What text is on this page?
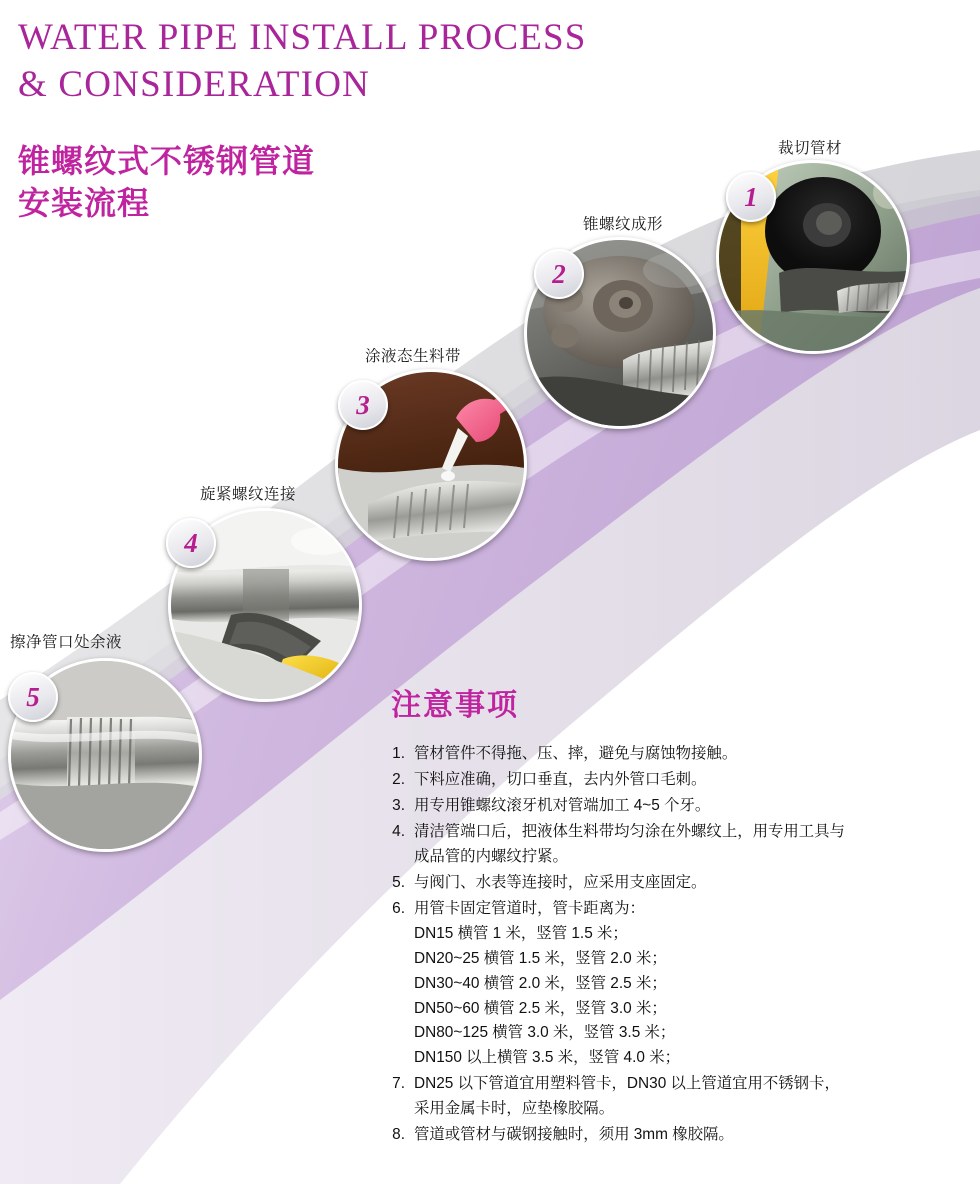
WATER PIPE INSTALL PROCESS
& CONSIDERATION
锥螺纹式不锈钢管道
安装流程
裁切管材
1
锥螺纹成形
2
涂液态生料带
3
旋紧螺纹连接
4
擦净管口处余液
5	注意事项
1. 管材管件不得拖、压、摔，避免与腐蚀物接触。
2. 下料应准确，切口垂直，去内外管口毛刺。
3. 用专用锥螺纹滚牙机对管端加工 4~5 个牙。
4. 清洁管端口后，把液体生料带均匀涂在外螺纹上，用专用工具与
成品管的内螺纹拧紧。
5. 与阀门、水表等连接时，应采用支座固定。
6. 用管卡固定管道时，管卡距离为：
DN15 横管 1 米，竖管 1.5 米；
DN20~25 横管 1.5 米，竖管 2.0 米；
DN30~40 横管 2.0 米，竖管 2.5 米；
DN50~60 横管 2.5 米，竖管 3.0 米；
DN80~125 横管 3.0 米，竖管 3.5 米；
DN150 以上横管 3.5 米，竖管 4.0 米；
7. DN25 以下管道宜用塑料管卡，DN30 以上管道宜用不锈钢卡，
采用金属卡时，应垫橡胶隔。
8. 管道或管材与碳钢接触时，须用 3mm 橡胶隔。
